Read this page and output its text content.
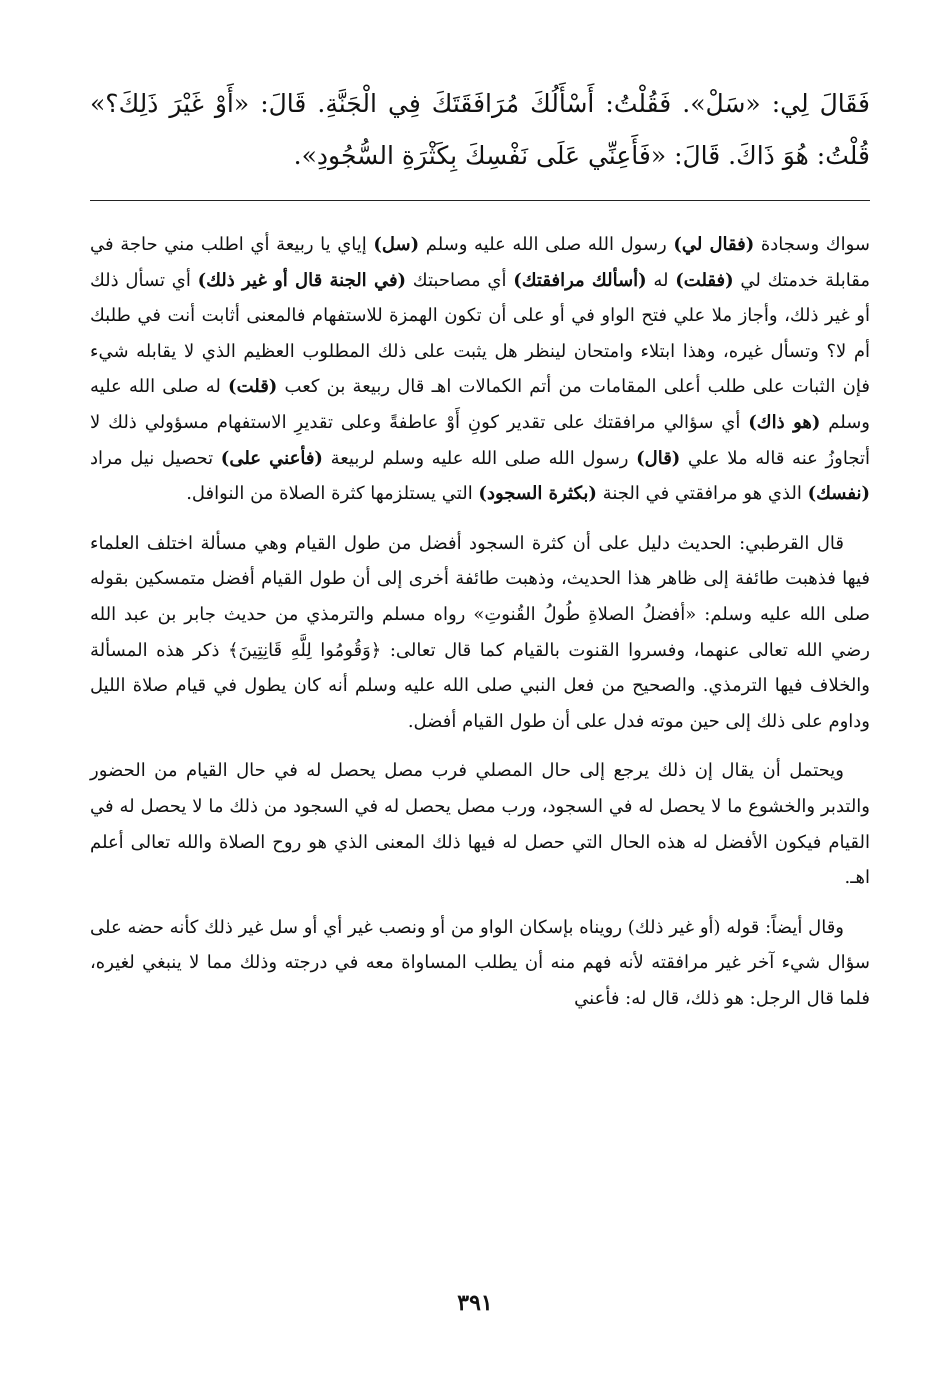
فَقَالَ لِي: «سَلْ». فَقُلْتُ: أَسْأَلُكَ مُرَافَقَتَكَ فِي الْجَنَّةِ. قَالَ: «أَوْ غَيْرَ ذَلِكَ؟»
قُلْتُ: هُوَ ذَاكَ. قَالَ: «فَأَعِنِّي عَلَى نَفْسِكَ بِكَثْرَةِ السُّجُودِ».

سواك وسجادة (فقال لي) رسول الله صلى الله عليه وسلم (سل) إياي يا ربيعة أي اطلب مني حاجة في مقابلة خدمتك لي (فقلت) له (أسألك مرافقتك) أي مصاحبتك (في الجنة قال أو غير ذلك) أي تسأل ذلك أو غير ذلك، وأجاز ملا علي فتح الواو في أو على أن تكون الهمزة للاستفهام فالمعنى أثابت أنت في طلبك أم لا؟ وتسأل غيره، وهذا ابتلاء وامتحان لينظر هل يثبت على ذلك المطلوب العظيم الذي لا يقابله شيء فإن الثبات على طلب أعلى المقامات من أتم الكمالات اهـ قال ربيعة بن كعب (قلت) له صلى الله عليه وسلم (هو ذاك) أي سؤالي مرافقتك على تقدير كونِ أَوْ عاطفةً وعلى تقديرِ الاستفهام مسؤولي ذلك لا أتجاوزُ عنه قاله ملا علي (قال) رسول الله صلى الله عليه وسلم لربيعة (فأعني على) تحصيل نيل مراد (نفسك) الذي هو مرافقتي في الجنة (بكثرة السجود) التي يستلزمها كثرة الصلاة من النوافل.

قال القرطبي: الحديث دليل على أن كثرة السجود أفضل من طول القيام وهي مسألة اختلف العلماء فيها فذهبت طائفة إلى ظاهر هذا الحديث، وذهبت طائفة أخرى إلى أن طول القيام أفضل متمسكين بقوله صلى الله عليه وسلم: «أفضلُ الصلاةِ طُولُ القُنوتِ» رواه مسلم والترمذي من حديث جابر بن عبد الله رضي الله تعالى عنهما، وفسروا القنوت بالقيام كما قال تعالى: ﴿وَقُومُوا لِلَّهِ قَانِتِينَ﴾ ذكر هذه المسألة والخلاف فيها الترمذي. والصحيح من فعل النبي صلى الله عليه وسلم أنه كان يطول في قيام صلاة الليل وداوم على ذلك إلى حين موته فدل على أن طول القيام أفضل.

ويحتمل أن يقال إن ذلك يرجع إلى حال المصلي فرب مصل يحصل له في حال القيام من الحضور والتدبر والخشوع ما لا يحصل له في السجود، ورب مصل يحصل له في السجود من ذلك ما لا يحصل له في القيام فيكون الأفضل له هذه الحال التي حصل له فيها ذلك المعنى الذي هو روح الصلاة والله تعالى أعلم اهـ.

وقال أيضاً: قوله (أو غير ذلك) رويناه بإسكان الواو من أو ونصب غير أي أو سل غير ذلك كأنه حضه على سؤال شيء آخر غير مرافقته لأنه فهم منه أن يطلب المساواة معه في درجته وذلك مما لا ينبغي لغيره، فلما قال الرجل: هو ذلك، قال له: فأعني

٣٩١
